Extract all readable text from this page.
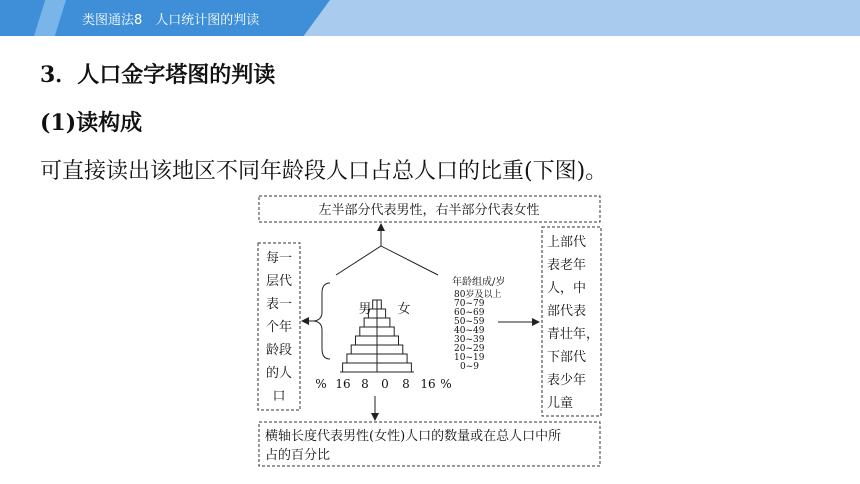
类图通法8　人口统计图的判读
3．人口金字塔图的判读
(1)读构成
可直接读出该地区不同年龄段人口占总人口的比重(下图)。
左半部分代表男性，右半部分代表女性
每一
层代
表一
个年
龄段
的人
口
上部代
表老年
人，中
部代表
青壮年，
下部代
表少年
儿童
横轴长度代表男性(女性)人口的数量或在总人口中所
占的百分比
男 女
% 16 8 0 8 16 %
年龄组成/岁
80岁及以上
70~79
60~69
50~59
40~49
30~39
20~29
10~19
0~9
